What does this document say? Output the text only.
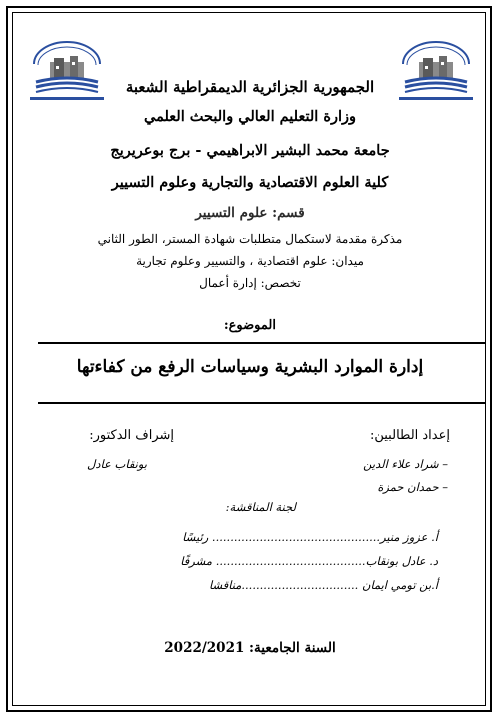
الجمهورية الجزائرية الديمقراطية الشعبة
وزارة التعليم العالي والبحث العلمي
جامعة محمد البشير الابراهيمي - برج بوعريريج
كلية العلوم الاقتصادية والتجارية وعلوم التسيير
قسم: علوم التسيير
مذكرة مقدمة لاستكمال متطلبات شهادة المستر، الطور الثاني
ميدان: علوم اقتصادية ، والتسيير وعلوم تجارية
تخصص: إدارة أعمال
الموضوع:
إدارة الموارد البشرية وسياسات الرفع من كفاءتها
إعداد الطالبين:
– شراد علاء الدين
– حمدان حمزة
إشراف الدكتور:
بونقاب عادل
لجنة المناقشة:
أ. عزوز منير.............................................. رئيسًا
د. عادل بونقاب......................................... مشرفًا
أ.بن تومي ايمان ................................مناقشا
السنة الجامعية: 2022/2021
